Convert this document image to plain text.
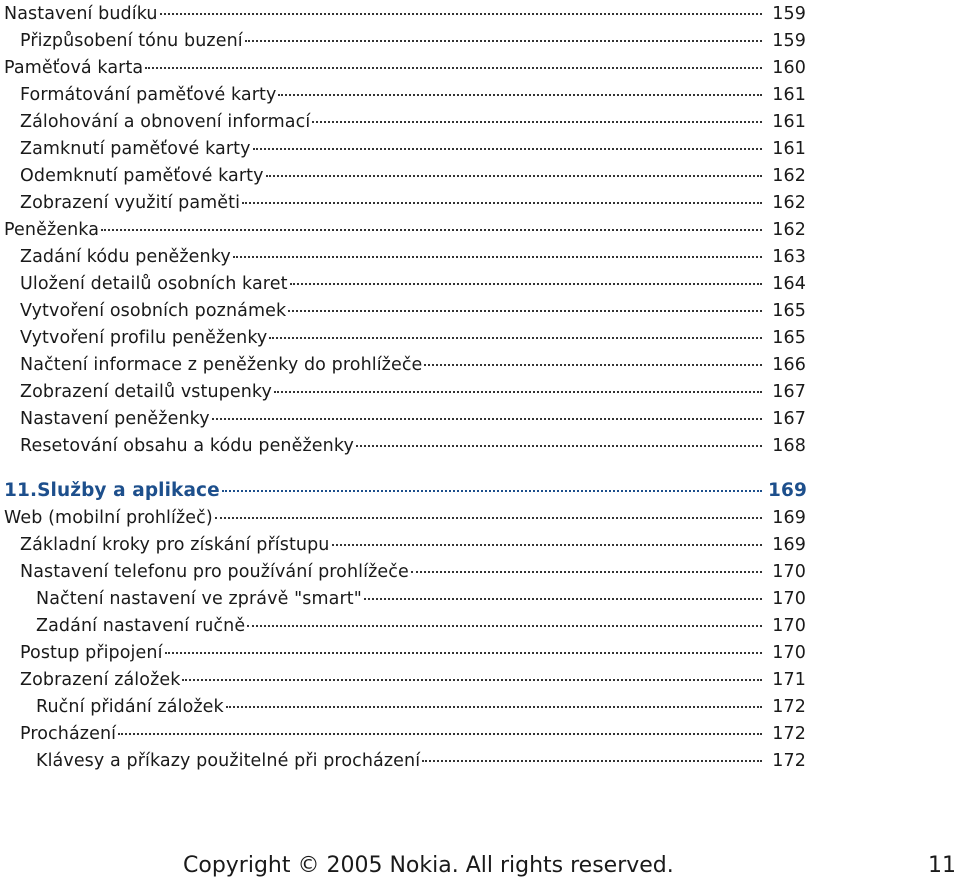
Nastavení budíku	159
Přizpůsobení tónu buzení	159
Paměťová karta	160
Formátování paměťové karty	161
Zálohování a obnovení informací	161
Zamknutí paměťové karty	161
Odemknutí paměťové karty	162
Zobrazení využití paměti	162
Peněženka	162
Zadání kódu peněženky	163
Uložení detailů osobních karet	164
Vytvoření osobních poznámek	165
Vytvoření profilu peněženky	165
Načtení informace z peněženky do prohlížeče	166
Zobrazení detailů vstupenky	167
Nastavení peněženky	167
Resetování obsahu a kódu peněženky	168
11.Služby a aplikace	169
Web (mobilní prohlížeč)	169
Základní kroky pro získání přístupu	169
Nastavení telefonu pro používání prohlížeče	170
Načtení nastavení ve zprávě "smart"	170
Zadání nastavení ručně	170
Postup připojení	170
Zobrazení záložek	171
Ruční přidání záložek	172
Procházení	172
Klávesy a příkazy použitelné při procházení	172
Copyright © 2005 Nokia. All rights reserved.	11
